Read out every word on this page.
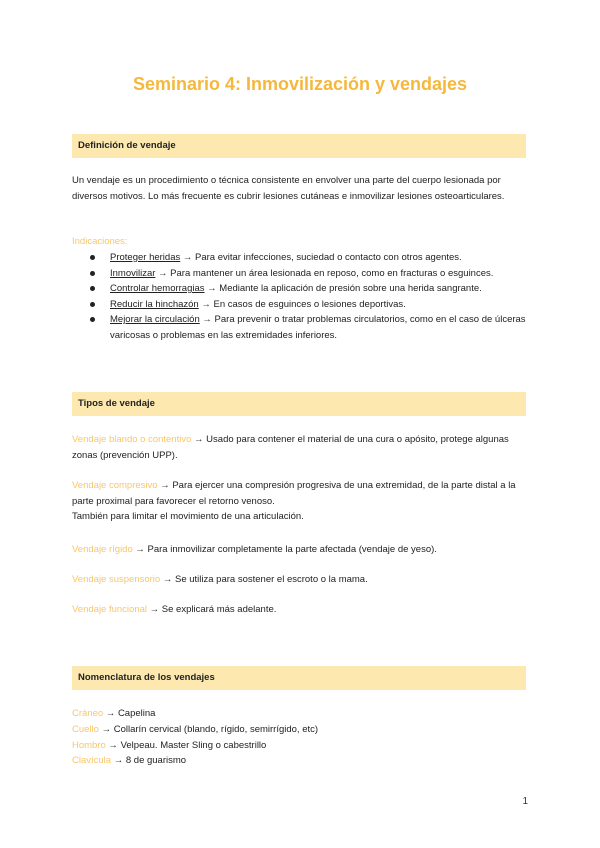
Seminario 4: Inmovilización y vendajes
Definición de vendaje
Un vendaje es un procedimiento o técnica consistente en envolver una parte del cuerpo lesionada por diversos motivos. Lo más frecuente es cubrir lesiones cutáneas e inmovilizar lesiones osteoarticulares.
Indicaciones:
Proteger heridas → Para evitar infecciones, suciedad o contacto con otros agentes.
Inmovilizar → Para mantener un área lesionada en reposo, como en fracturas o esguinces.
Controlar hemorragias → Mediante la aplicación de presión sobre una herida sangrante.
Reducir la hinchazón → En casos de esguinces o lesiones deportivas.
Mejorar la circulación → Para prevenir o tratar problemas circulatorios, como en el caso de úlceras varicosas o problemas en las extremidades inferiores.
Tipos de vendaje
Vendaje blando o contentivo → Usado para contener el material de una cura o apósito, protege algunas zonas (prevención UPP).
Vendaje compresivo → Para ejercer una compresión progresiva de una extremidad, de la parte distal a la parte proximal para favorecer el retorno venoso.
También para limitar el movimiento de una articulación.
Vendaje rígido → Para inmovilizar completamente la parte afectada (vendaje de yeso).
Vendaje suspensorio → Se utiliza para sostener el escroto o la mama.
Vendaje funcional → Se explicará más adelante.
Nomenclatura de los vendajes
Cráneo → Capelina
Cuello → Collarín cervical (blando, rígido, semirrígido, etc)
Hombro → Velpeau. Master Sling o cabestrillo
Clavícula → 8 de guarismo
1
